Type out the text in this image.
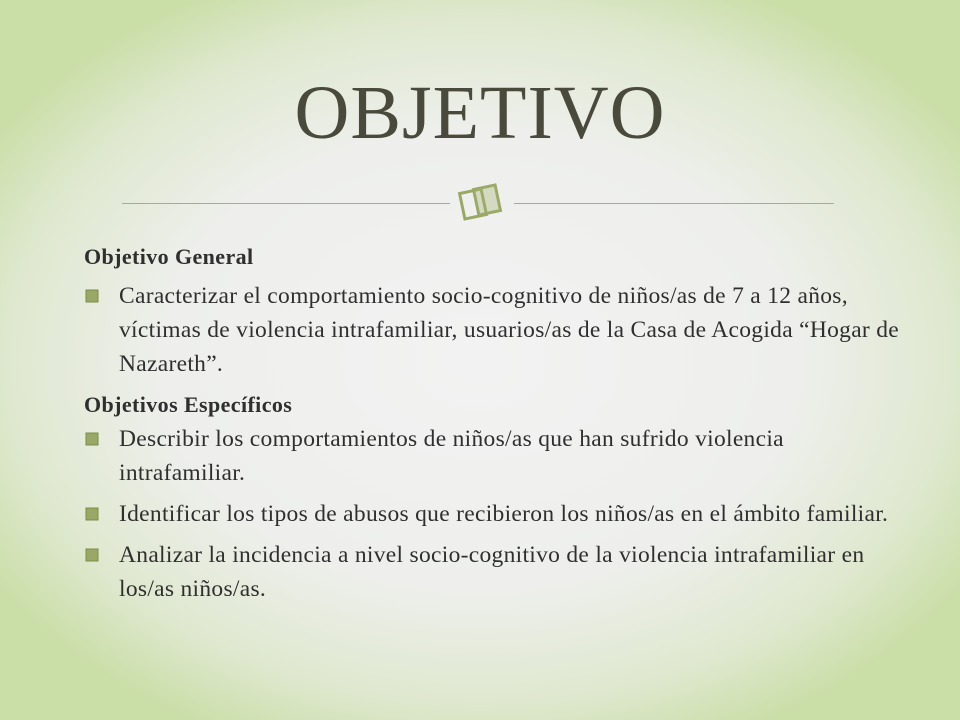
OBJETIVO

Objetivo General

Caracterizar el comportamiento socio-cognitivo de niños/as de 7 a 12 años, víctimas de violencia intrafamiliar, usuarios/as de la Casa de Acogida “Hogar de Nazareth”.

Objetivos Específicos

Describir los comportamientos de niños/as que han sufrido violencia intrafamiliar.
Identificar los tipos de abusos que recibieron los niños/as en el ámbito familiar.
Analizar la incidencia a nivel socio-cognitivo de la violencia intrafamiliar en los/as niños/as.
